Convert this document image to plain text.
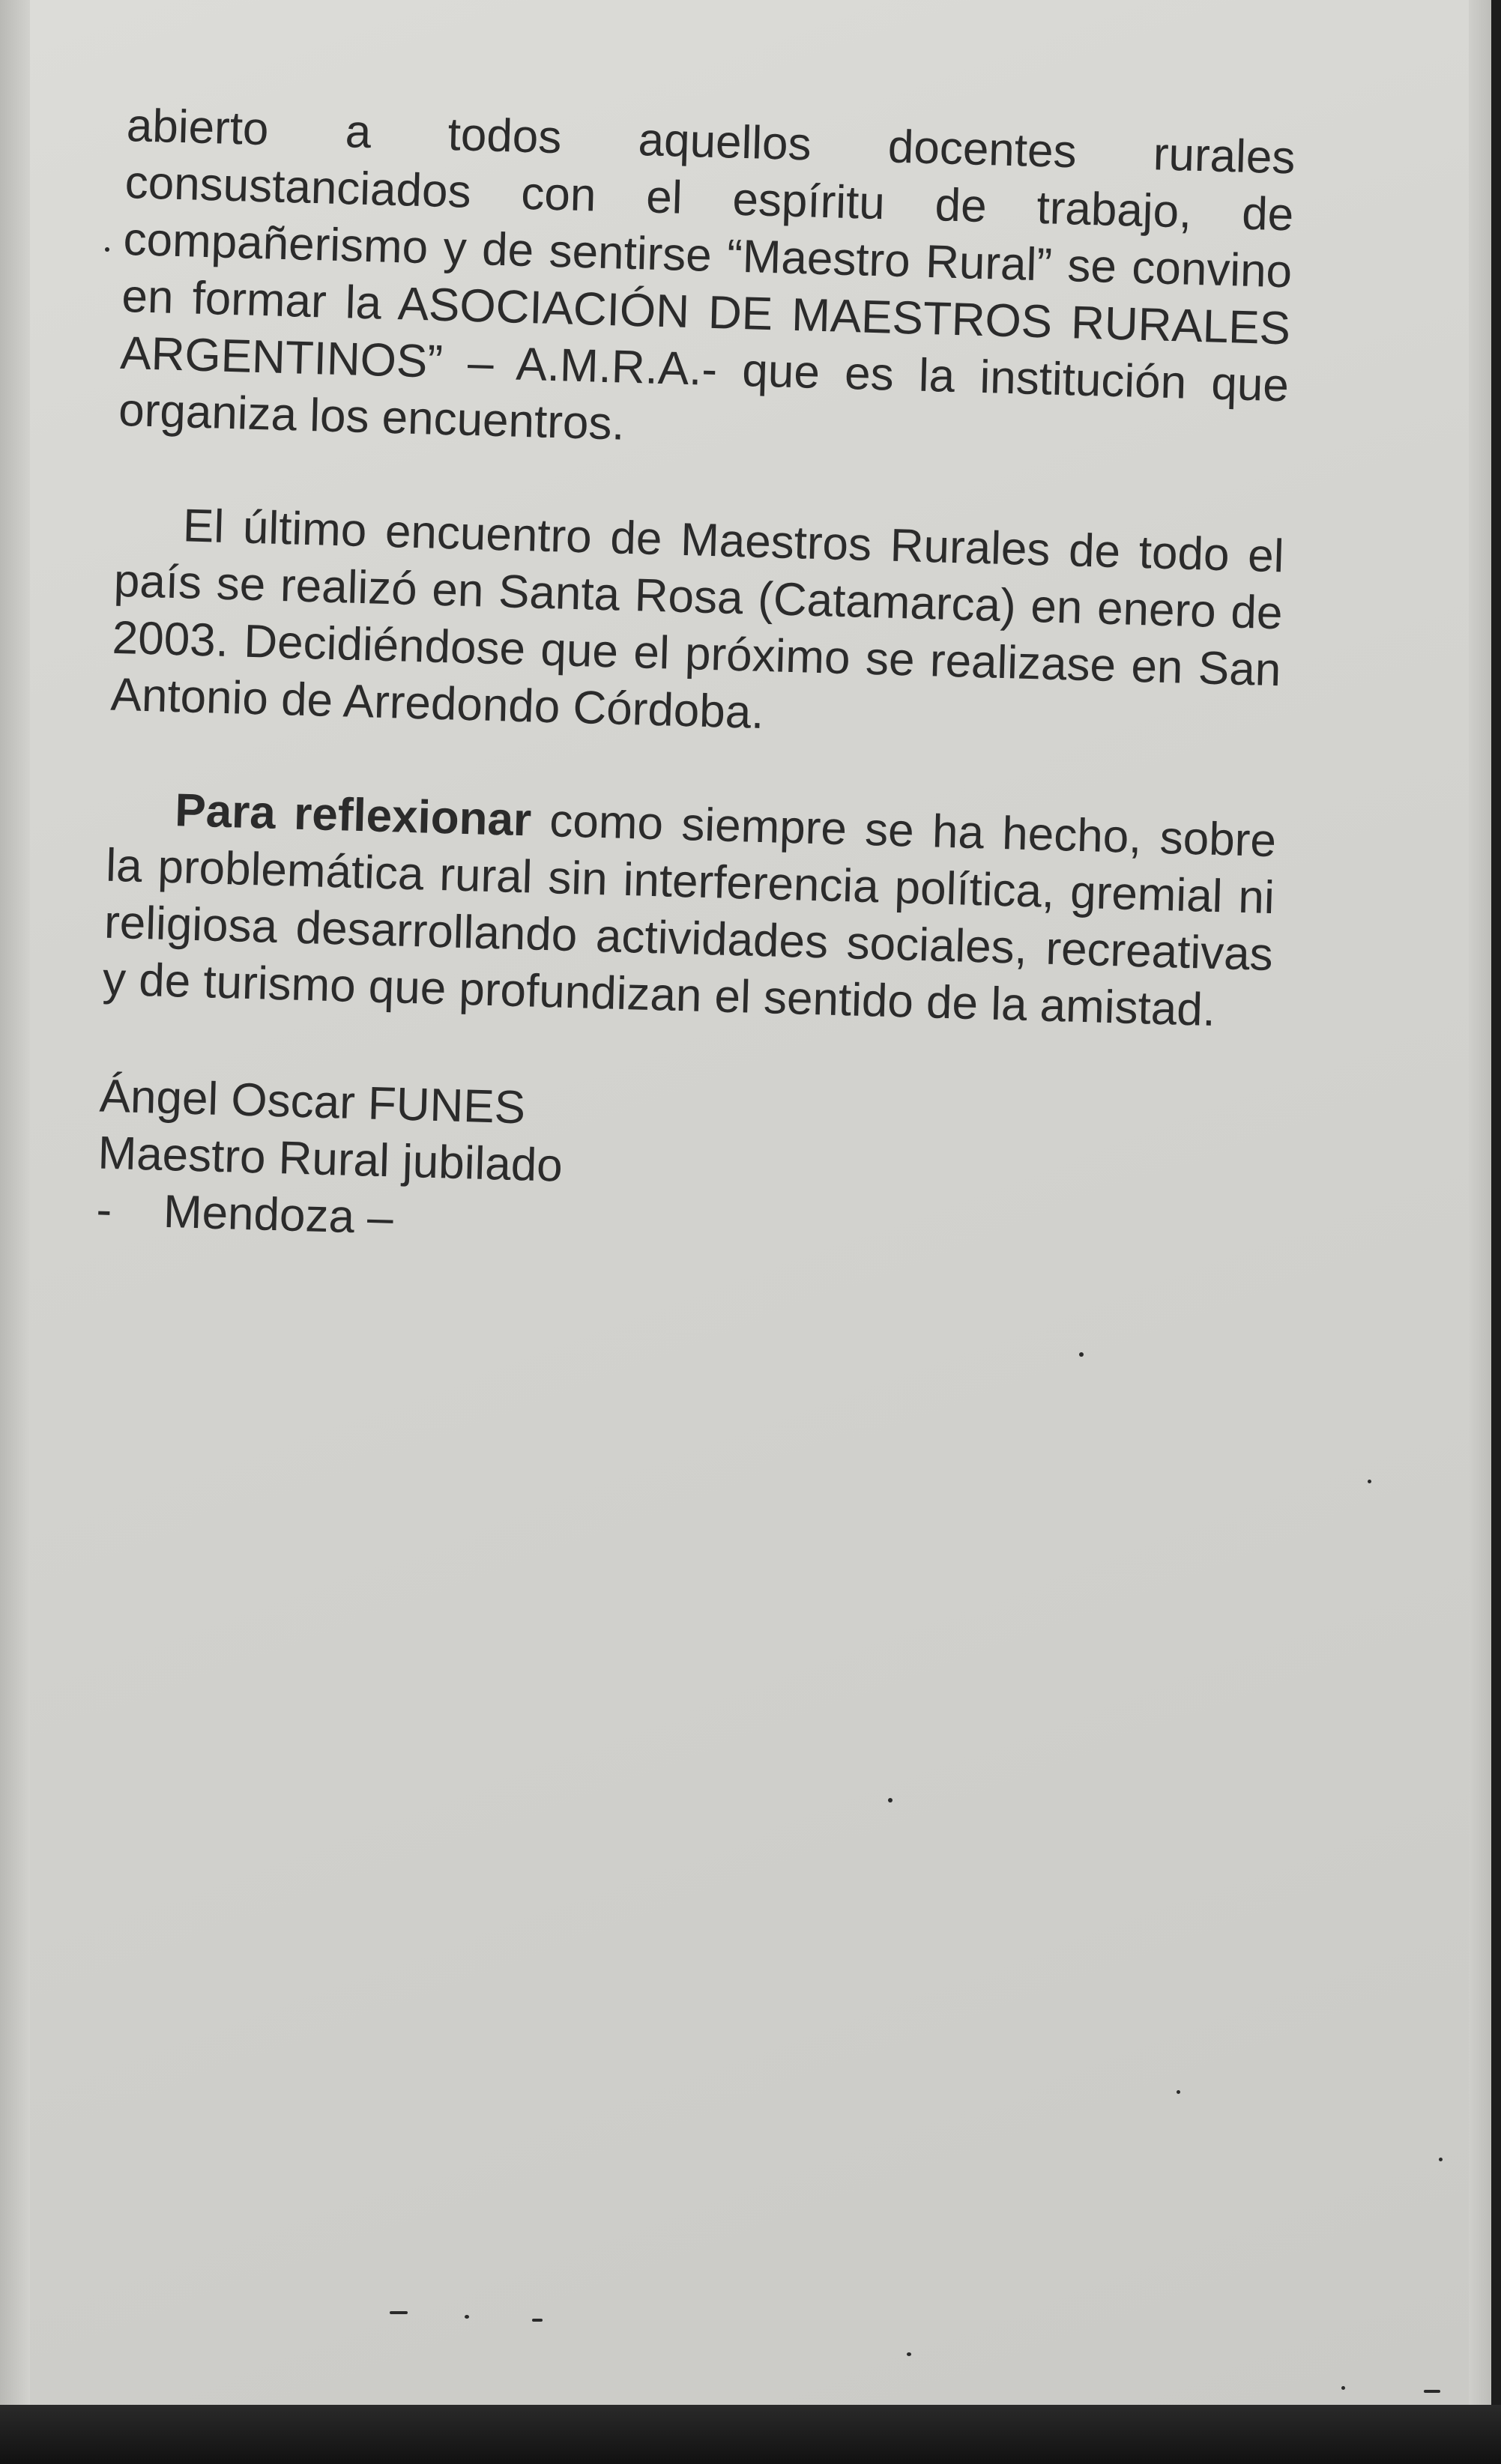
abierto a todos aquellos docentes rurales consustanciados con el espíritu de trabajo, de compañerismo y de sentirse “Maestro Rural” se convino en formar la ASOCIACIÓN DE MAESTROS RURALES ARGENTINOS” – A.M.R.A.- que es la institución que organiza los encuentros.

El último encuentro de Maestros Rurales de todo el país se realizó en Santa Rosa (Catamarca) en enero de 2003. Decidiéndose que el próximo se realizase en San Antonio de Arredondo Córdoba.

Para reflexionar como siempre se ha hecho, sobre la problemática rural sin interferencia política, gremial ni religiosa desarrollando actividades sociales, recreativas y de turismo que profundizan el sentido de la amistad.

Ángel Oscar FUNES
Maestro Rural jubilado
-    Mendoza –
